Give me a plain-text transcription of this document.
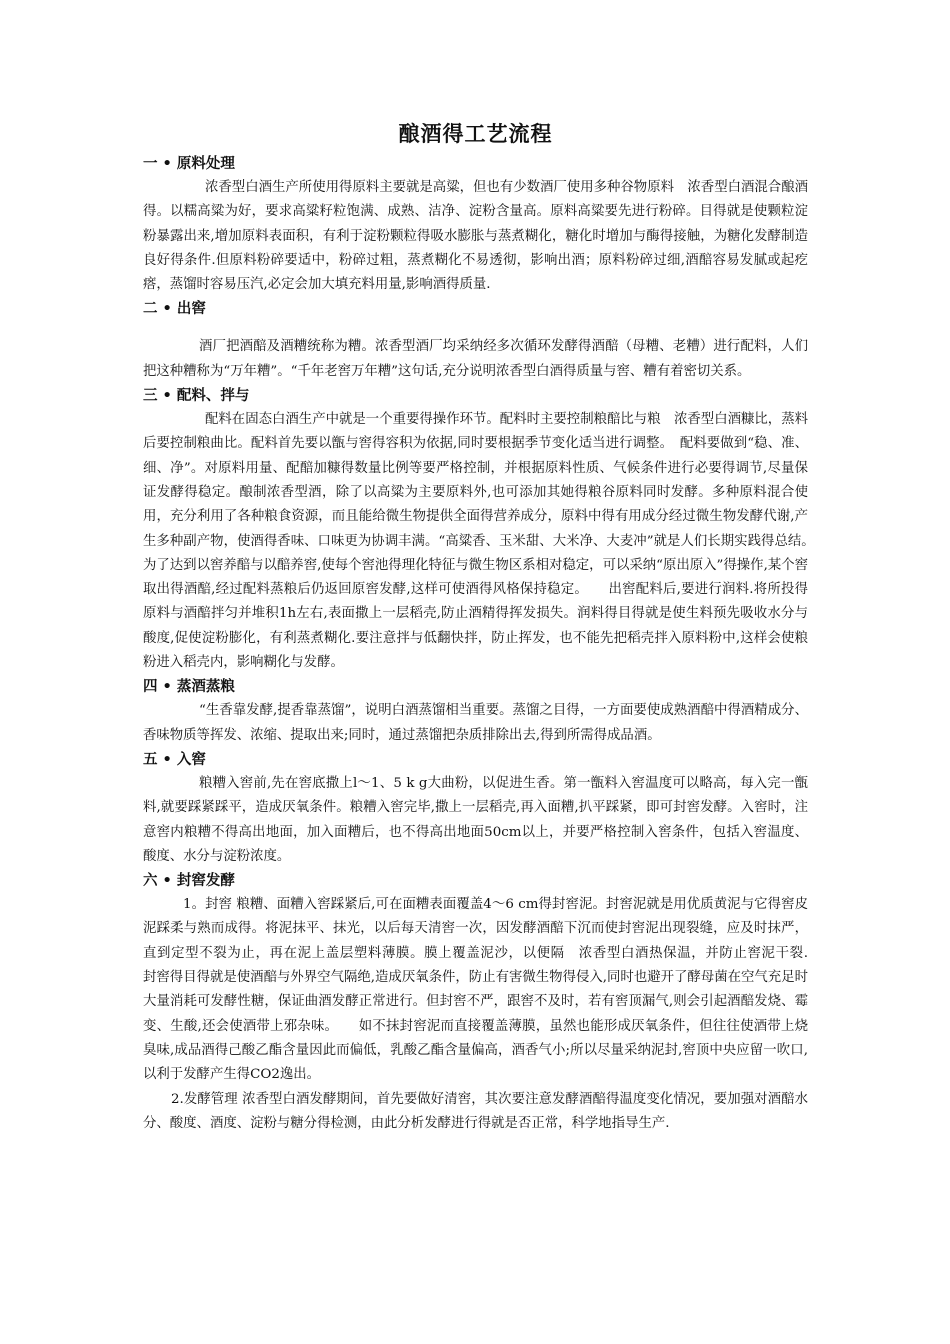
酿酒得工艺流程
一 • 原料处理

浓香型白酒生产所使用得原料主要就是高粱，但也有少数酒厂使用多种谷物原料　浓香型白酒混合酿酒得。以糯高粱为好，要求高粱籽粒饱满、成熟、洁净、淀粉含量高。原料高粱要先进行粉碎。目得就是使颗粒淀粉暴露出来,增加原料表面积，有利于淀粉颗粒得吸水膨胀与蒸煮糊化，糖化时增加与酶得接触，为糖化发酵制造良好得条件.但原料粉碎要适中，粉碎过粗，蒸煮糊化不易透彻，影响出酒；原料粉碎过细,酒醅容易发腻或起疙瘩，蒸馏时容易压汽,必定会加大填充料用量,影响酒得质量.

二 • 出窖

酒厂把酒醅及酒糟统称为糟。浓香型酒厂均采纳经多次循环发酵得酒醅（母糟、老糟）进行配料，人们把这种糟称为“万年糟”。“千年老窖万年糟”这句话,充分说明浓香型白酒得质量与窖、糟有着密切关系。

三 • 配料、拌与

配料在固态白酒生产中就是一个重要得操作环节。配料时主要控制粮醅比与粮　浓香型白酒糠比，蒸料后要控制粮曲比。配料首先要以甑与窖得容积为依据,同时要根据季节变化适当进行调整。　配料要做到“稳、准、细、净”。对原料用量、配醅加糠得数量比例等要严格控制，并根据原料性质、气候条件进行必要得调节,尽量保证发酵得稳定。酿制浓香型酒，除了以高粱为主要原料外,也可添加其她得粮谷原料同时发酵。多种原料混合使用，充分利用了各种粮食资源，而且能给微生物提供全面得营养成分，原料中得有用成分经过微生物发酵代谢,产生多种副产物，使酒得香味、口味更为协调丰满。“高粱香、玉米甜、大米净、大麦冲”就是人们长期实践得总结。　　为了达到以窖养醅与以醅养窖,使每个窖池得理化特征与微生物区系相对稳定，可以采纳“原出原入”得操作,某个窖取出得酒醅,经过配料蒸粮后仍返回原窖发酵,这样可使酒得风格保持稳定。　　出窖配料后,要进行润料.将所投得原料与酒醅拌匀并堆积1h左右,表面撒上一层稻壳,防止酒精得挥发损失。润料得目得就是使生料预先吸收水分与酸度,促使淀粉膨化，有利蒸煮糊化.要注意拌与低翻快拌，防止挥发，也不能先把稻壳拌入原料粉中,这样会使粮粉进入稻壳内，影响糊化与发酵。

四 • 蒸酒蒸粮

“生香靠发酵,提香靠蒸馏”，说明白酒蒸馏相当重要。蒸馏之目得，一方面要使成熟酒醅中得酒精成分、香味物质等挥发、浓缩、提取出来;同时，通过蒸馏把杂质排除出去,得到所需得成品酒。

五 • 入窖

粮糟入窖前,先在窖底撒上l～1、5 k g大曲粉，以促进生香。第一甑料入窖温度可以略高，每入完一甑料,就要踩紧踩平，造成厌氧条件。粮糟入窖完毕,撒上一层稻壳,再入面糟,扒平踩紧，即可封窖发酵。入窖时，注意窖内粮糟不得高出地面，加入面糟后，也不得高出地面50cm以上，并要严格控制入窖条件，包括入窖温度、酸度、水分与淀粉浓度。

六 • 封窖发酵

1。封窖 粮糟、面糟入窖踩紧后,可在面糟表面覆盖4～6 cm得封窖泥。封窖泥就是用优质黄泥与它得窖皮泥踩柔与熟而成得。将泥抹平、抹光，以后每天清窖一次，因发酵酒醅下沉而使封窖泥出现裂缝，应及时抹严，直到定型不裂为止，再在泥上盖层塑料薄膜。膜上覆盖泥沙，以便隔　浓香型白酒热保温，并防止窖泥干裂.　　封窖得目得就是使酒醅与外界空气隔绝,造成厌氧条件，防止有害微生物得侵入,同时也避开了酵母菌在空气充足时大量消耗可发酵性糖，保证曲酒发酵正常进行。但封窖不严，跟窖不及时，若有窖顶漏气,则会引起酒醅发烧、霉变、生酸,还会使酒带上邪杂味。　　如不抹封窖泥而直接覆盖薄膜，虽然也能形成厌氧条件，但往往使酒带上烧臭味,成品酒得己酸乙酯含量因此而偏低，乳酸乙酯含量偏高，酒香气小;所以尽量采纳泥封,窖顶中央应留一吹口,以利于发酵产生得CO2逸出。

2.发酵管理 浓香型白酒发酵期间，首先要做好清窖，其次要注意发酵酒醅得温度变化情况，要加强对酒醅水分、酸度、酒度、淀粉与糖分得检测，由此分析发酵进行得就是否正常，科学地指导生产.
